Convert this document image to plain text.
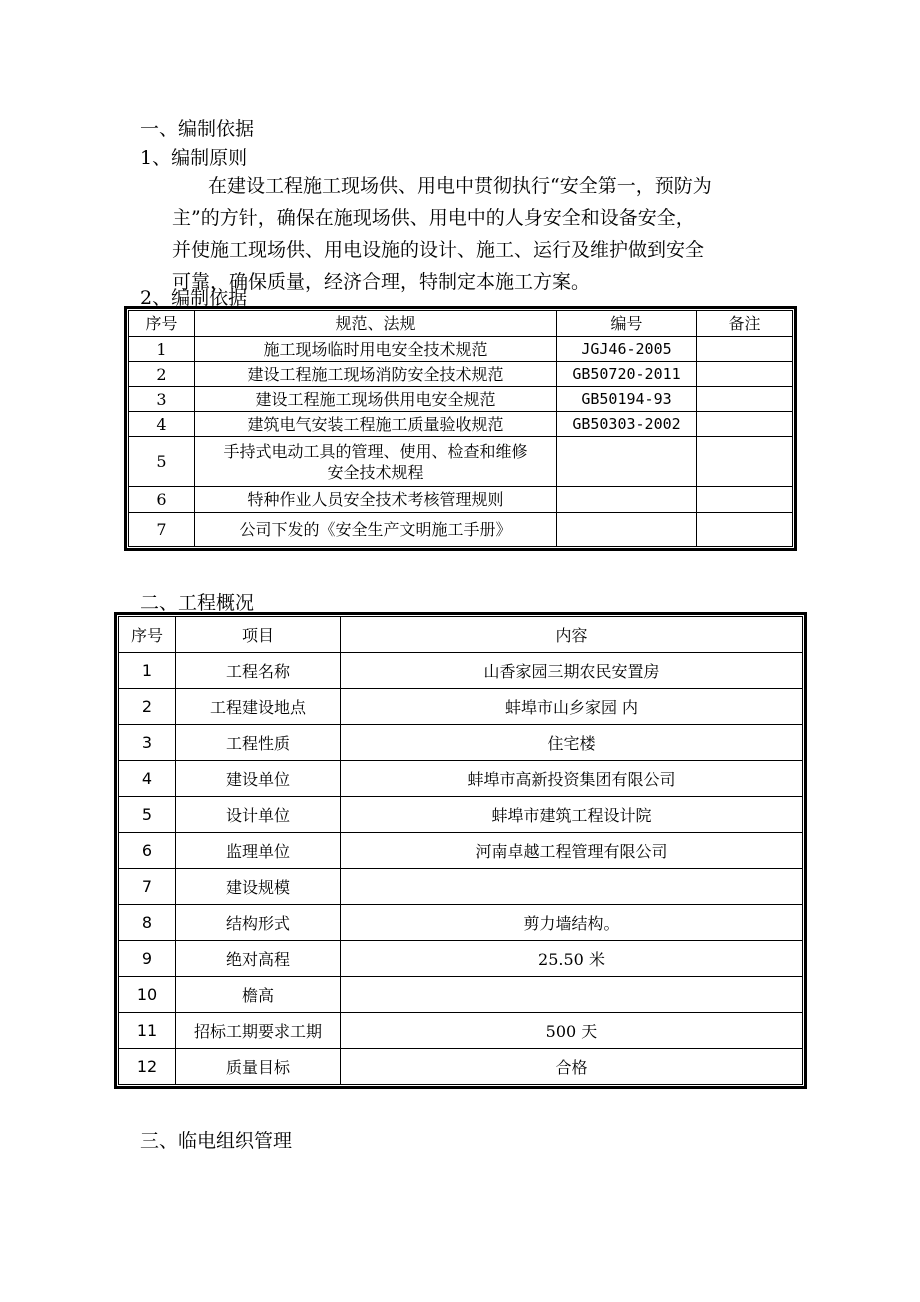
一、编制依据
1、编制原则

在建设工程施工现场供、用电中贯彻执行“安全第一，预防为

主”的方针，确保在施现场供、用电中的人身安全和设备安全，

并使施工现场供、用电设施的设计、施工、运行及维护做到安全

可靠，确保质量，经济合理，特制定本施工方案。

2、编制依据
序号	规范、法规	编号	备注
1	施工现场临时用电安全技术规范	JGJ46-2005	
2	建设工程施工现场消防安全技术规范	GB50720-2011	
3	建设工程施工现场供用电安全规范	GB50194-93	
4	建筑电气安装工程施工质量验收规范	GB50303-2002	
5	手持式电动工具的管理、使用、检查和维修
安全技术规程		

6	特种作业人员安全技术考核管理规则		
7	公司下发的《安全生产文明施工手册》		
二、工程概况
序号	项目	内容
1	工程名称	山香家园三期农民安置房
2	工程建设地点	蚌埠市山乡家园 内
3	工程性质	住宅楼
4	建设单位	蚌埠市高新投资集团有限公司
5	设计单位	蚌埠市建筑工程设计院
6	监理单位	河南卓越工程管理有限公司
7	建设规模	
8	结构形式	剪力墙结构。
9	绝对高程	25.50 米
10	檐高	
11	招标工期要求工期	500 天
12	质量目标	合格
三、临电组织管理
